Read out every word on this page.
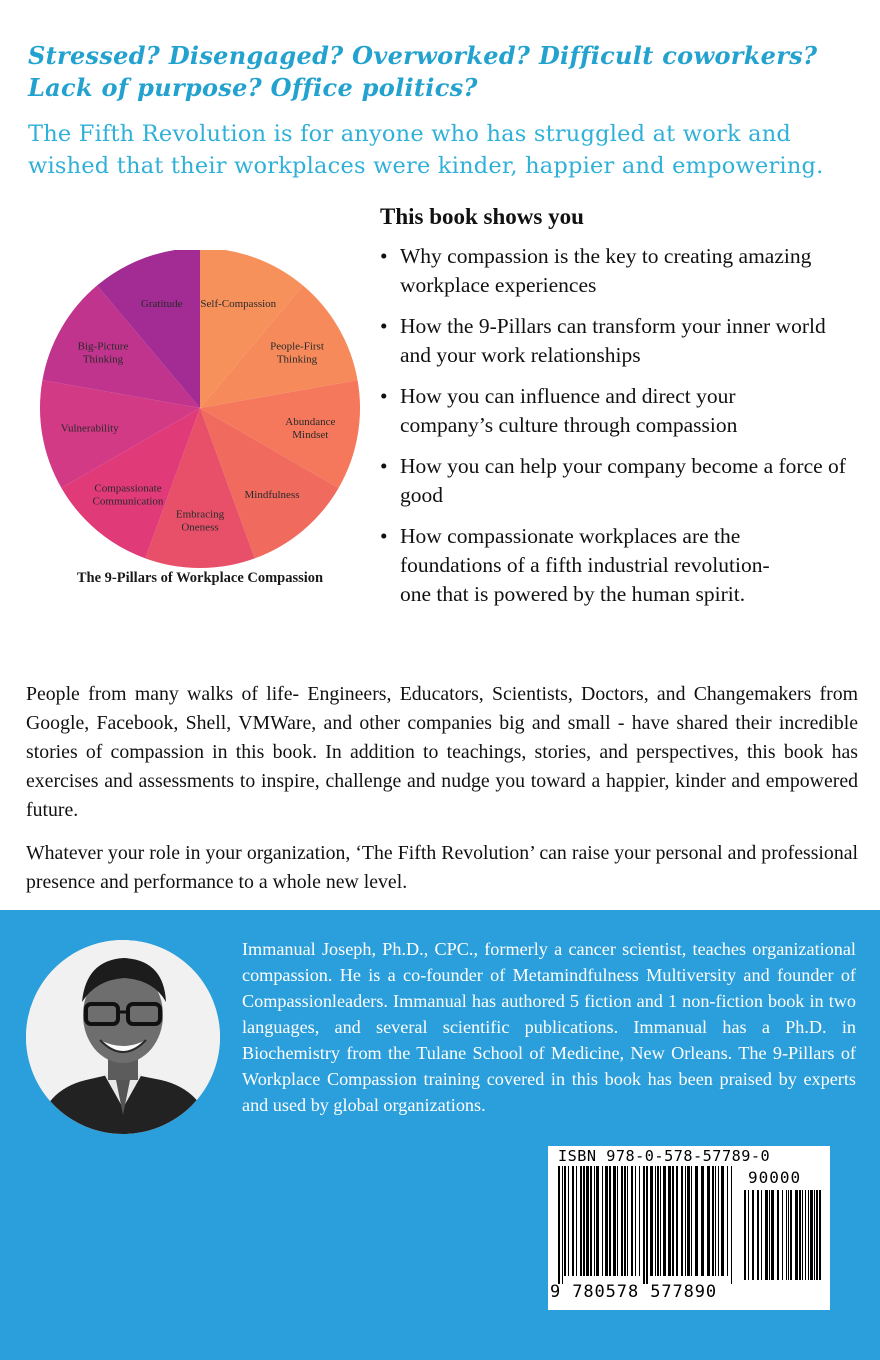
Stressed? Disengaged? Overworked? Difficult coworkers? Lack of purpose? Office politics?

The Fifth Revolution is for anyone who has struggled at work and wished that their workplaces were kinder, happier and empowering.

Self-Compassion
People-First Thinking
Abundance Mindset
Mindfulness
Embracing Oneness
Compassionate Communication
Vulnerability
Big-Picture Thinking
Gratitude

The 9-Pillars of Workplace Compassion

This book shows you
• Why compassion is the key to creating amazing workplace experiences
• How the 9-Pillars can transform your inner world and your work relationships
• How you can influence and direct your company’s culture through compassion
• How you can help your company become a force of good
• How compassionate workplaces are the foundations of a fifth industrial revolution- one that is powered by the human spirit.

People from many walks of life- Engineers, Educators, Scientists, Doctors, and Changemakers from Google, Facebook, Shell, VMWare, and other companies big and small - have shared their incredible stories of compassion in this book. In addition to teachings, stories, and perspectives, this book has exercises and assessments to inspire, challenge and nudge you toward a happier, kinder and empowered future.

Whatever your role in your organization, ‘The Fifth Revolution’ can raise your personal and professional presence and performance to a whole new level.

Immanual Joseph, Ph.D., CPC., formerly a cancer scientist, teaches organizational compassion. He is a co-founder of Metamindfulness Multiversity and founder of Compassionleaders. Immanual has authored 5 fiction and 1 non-fiction book in two languages, and several scientific publications. Immanual has a Ph.D. in Biochemistry from the Tulane School of Medicine, New Orleans. The 9-Pillars of Workplace Compassion training covered in this book has been praised by experts and used by global organizations.

ISBN 978-0-578-57789-0
90000
9 780578 577890
